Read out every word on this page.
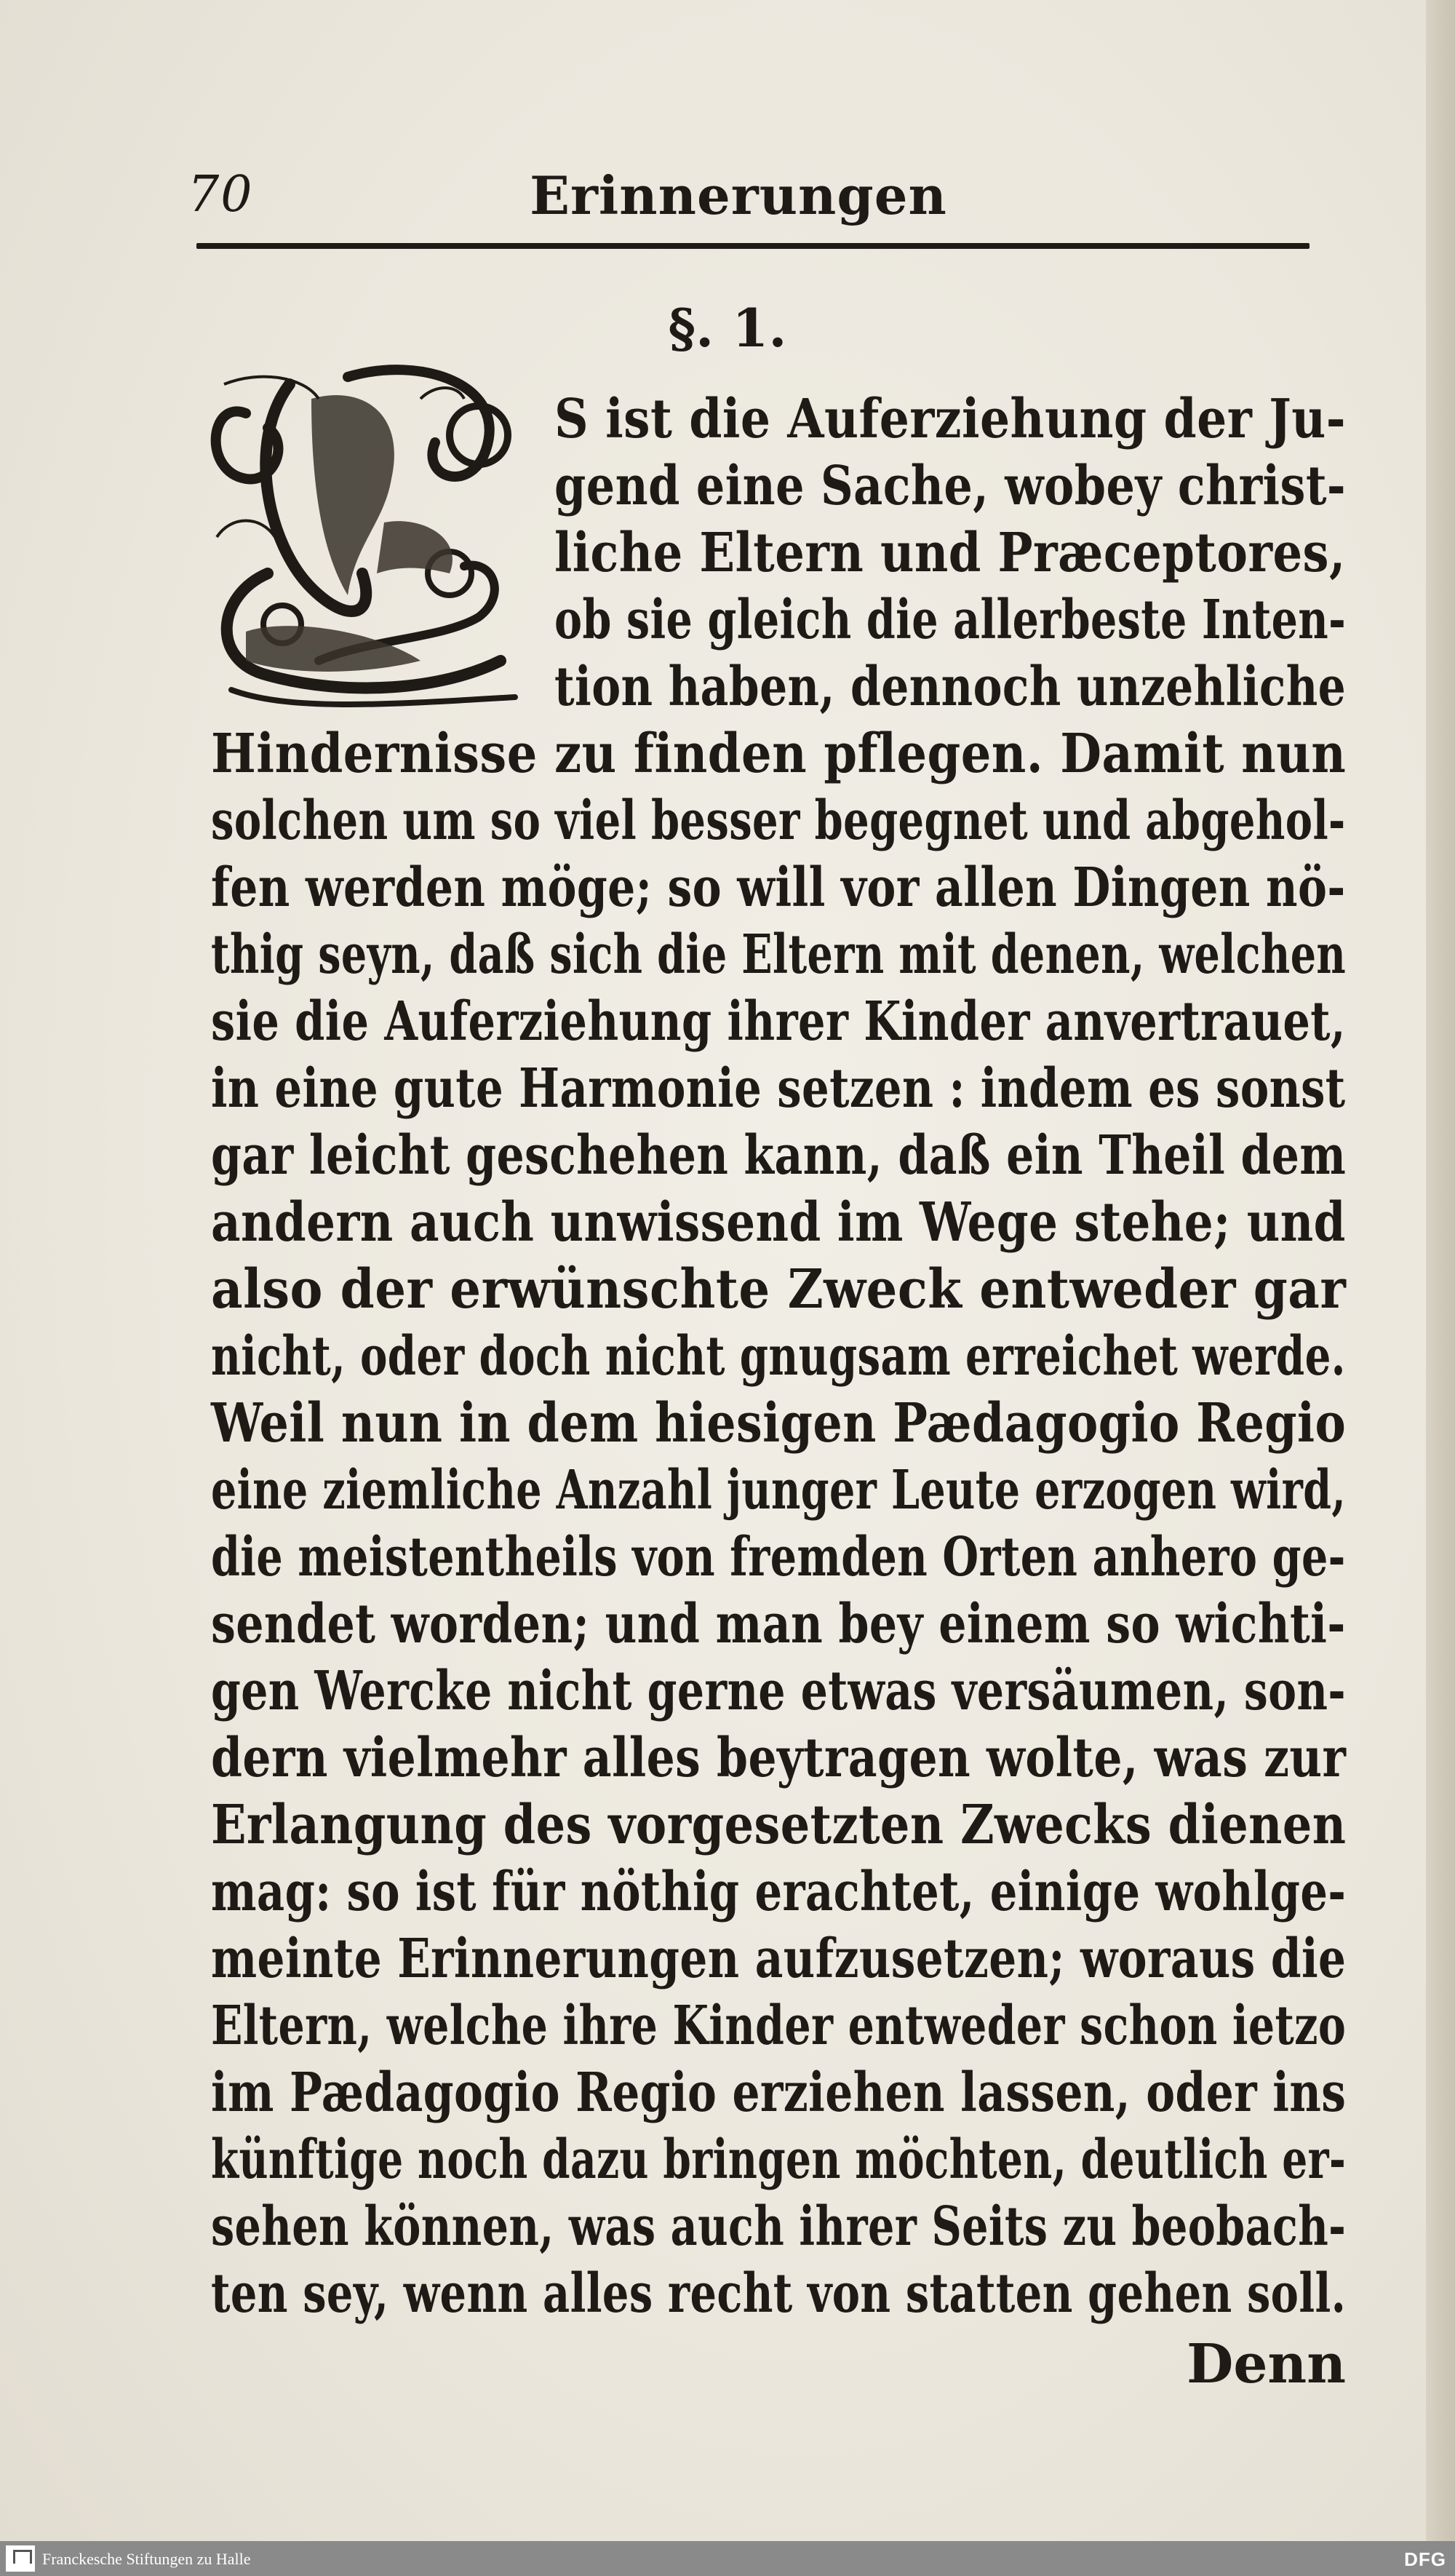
70	Erinnerungen
§. 1.
S ist die Auferziehung der Ju-
gend eine Sache, wobey christ-
liche Eltern und Præceptores,
ob sie gleich die allerbeste Inten-
tion haben, dennoch unzehliche
Hindernisse zu finden pflegen. Damit nun
solchen um so viel besser begegnet und abgehol-
fen werden möge; so will vor allen Dingen nö-
thig seyn, daß sich die Eltern mit denen, welchen
sie die Auferziehung ihrer Kinder anvertrauet,
in eine gute Harmonie setzen : indem es sonst
gar leicht geschehen kann, daß ein Theil dem
andern auch unwissend im Wege stehe; und
also der erwünschte Zweck entweder gar
nicht, oder doch nicht gnugsam erreichet werde.
Weil nun in dem hiesigen Pædagogio Regio
eine ziemliche Anzahl junger Leute erzogen wird,
die meistentheils von fremden Orten anhero ge-
sendet worden; und man bey einem so wichti-
gen Wercke nicht gerne etwas versäumen, son-
dern vielmehr alles beytragen wolte, was zur
Erlangung des vorgesetzten Zwecks dienen
mag: so ist für nöthig erachtet, einige wohlge-
meinte Erinnerungen aufzusetzen; woraus die
Eltern, welche ihre Kinder entweder schon ietzo
im Pædagogio Regio erziehen lassen, oder ins
künftige noch dazu bringen möchten, deutlich er-
sehen können, was auch ihrer Seits zu beobach-
ten sey, wenn alles recht von statten gehen soll.
Denn
Franckesche Stiftungen zu Halle	DFG
